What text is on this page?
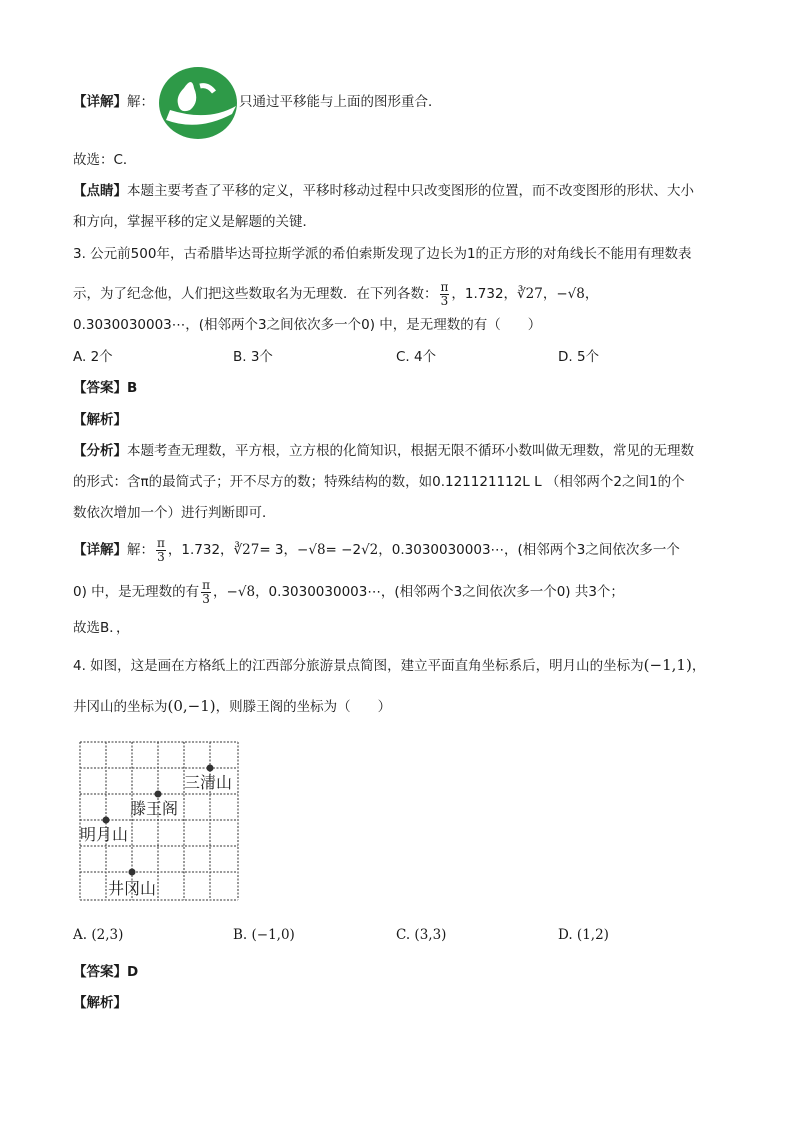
【详解】解：	只通过平移能与上面的图形重合．
故选：C．
【点睛】本题主要考查了平移的定义，平移时移动过程中只改变图形的位置，而不改变图形的形状、大小
和方向，掌握平移的定义是解题的关键．
3. 公元前500年，古希腊毕达哥拉斯学派的希伯索斯发现了边长为1的正方形的对角线长不能用有理数表
示，为了纪念他，人们把这些数取名为无理数．在下列各数： $\frac{\pi}{3}$ ，1.732，∛27，−√8，
0.3030030003⋯，(相邻两个3之间依次多一个0) 中，是无理数的有（　　）
A. 2个	B. 3个	C. 4个	D. 5个
【答案】B
【解析】
【分析】本题考查无理数，平方根，立方根的化简知识，根据无限不循环小数叫做无理数，常见的无理数
的形式：含π的最简式子；开不尽方的数；特殊结构的数，如0.121121112L L （相邻两个2之间1的个
数依次增加一个）进行判断即可．
【详解】解： $\frac{\pi}{3}$ ，1.732，∛27= 3，−√8= −2√2，0.3030030003⋯，(相邻两个3之间依次多一个
0) 中，是无理数的有 $\frac{\pi}{3}$ ，−√8，0.3030030003⋯，(相邻两个3之间依次多一个0) 共3个；
故选B．，
4. 如图，这是画在方格纸上的江西部分旅游景点简图，建立平面直角坐标系后，明月山的坐标为(−1,1)，
井冈山的坐标为(0,−1)，则滕王阁的坐标为（　　）
三清山
滕王阁
明月山
井冈山
A. (2,3)	B. (−1,0)	C. (3,3)	D. (1,2)
【答案】D
【解析】
